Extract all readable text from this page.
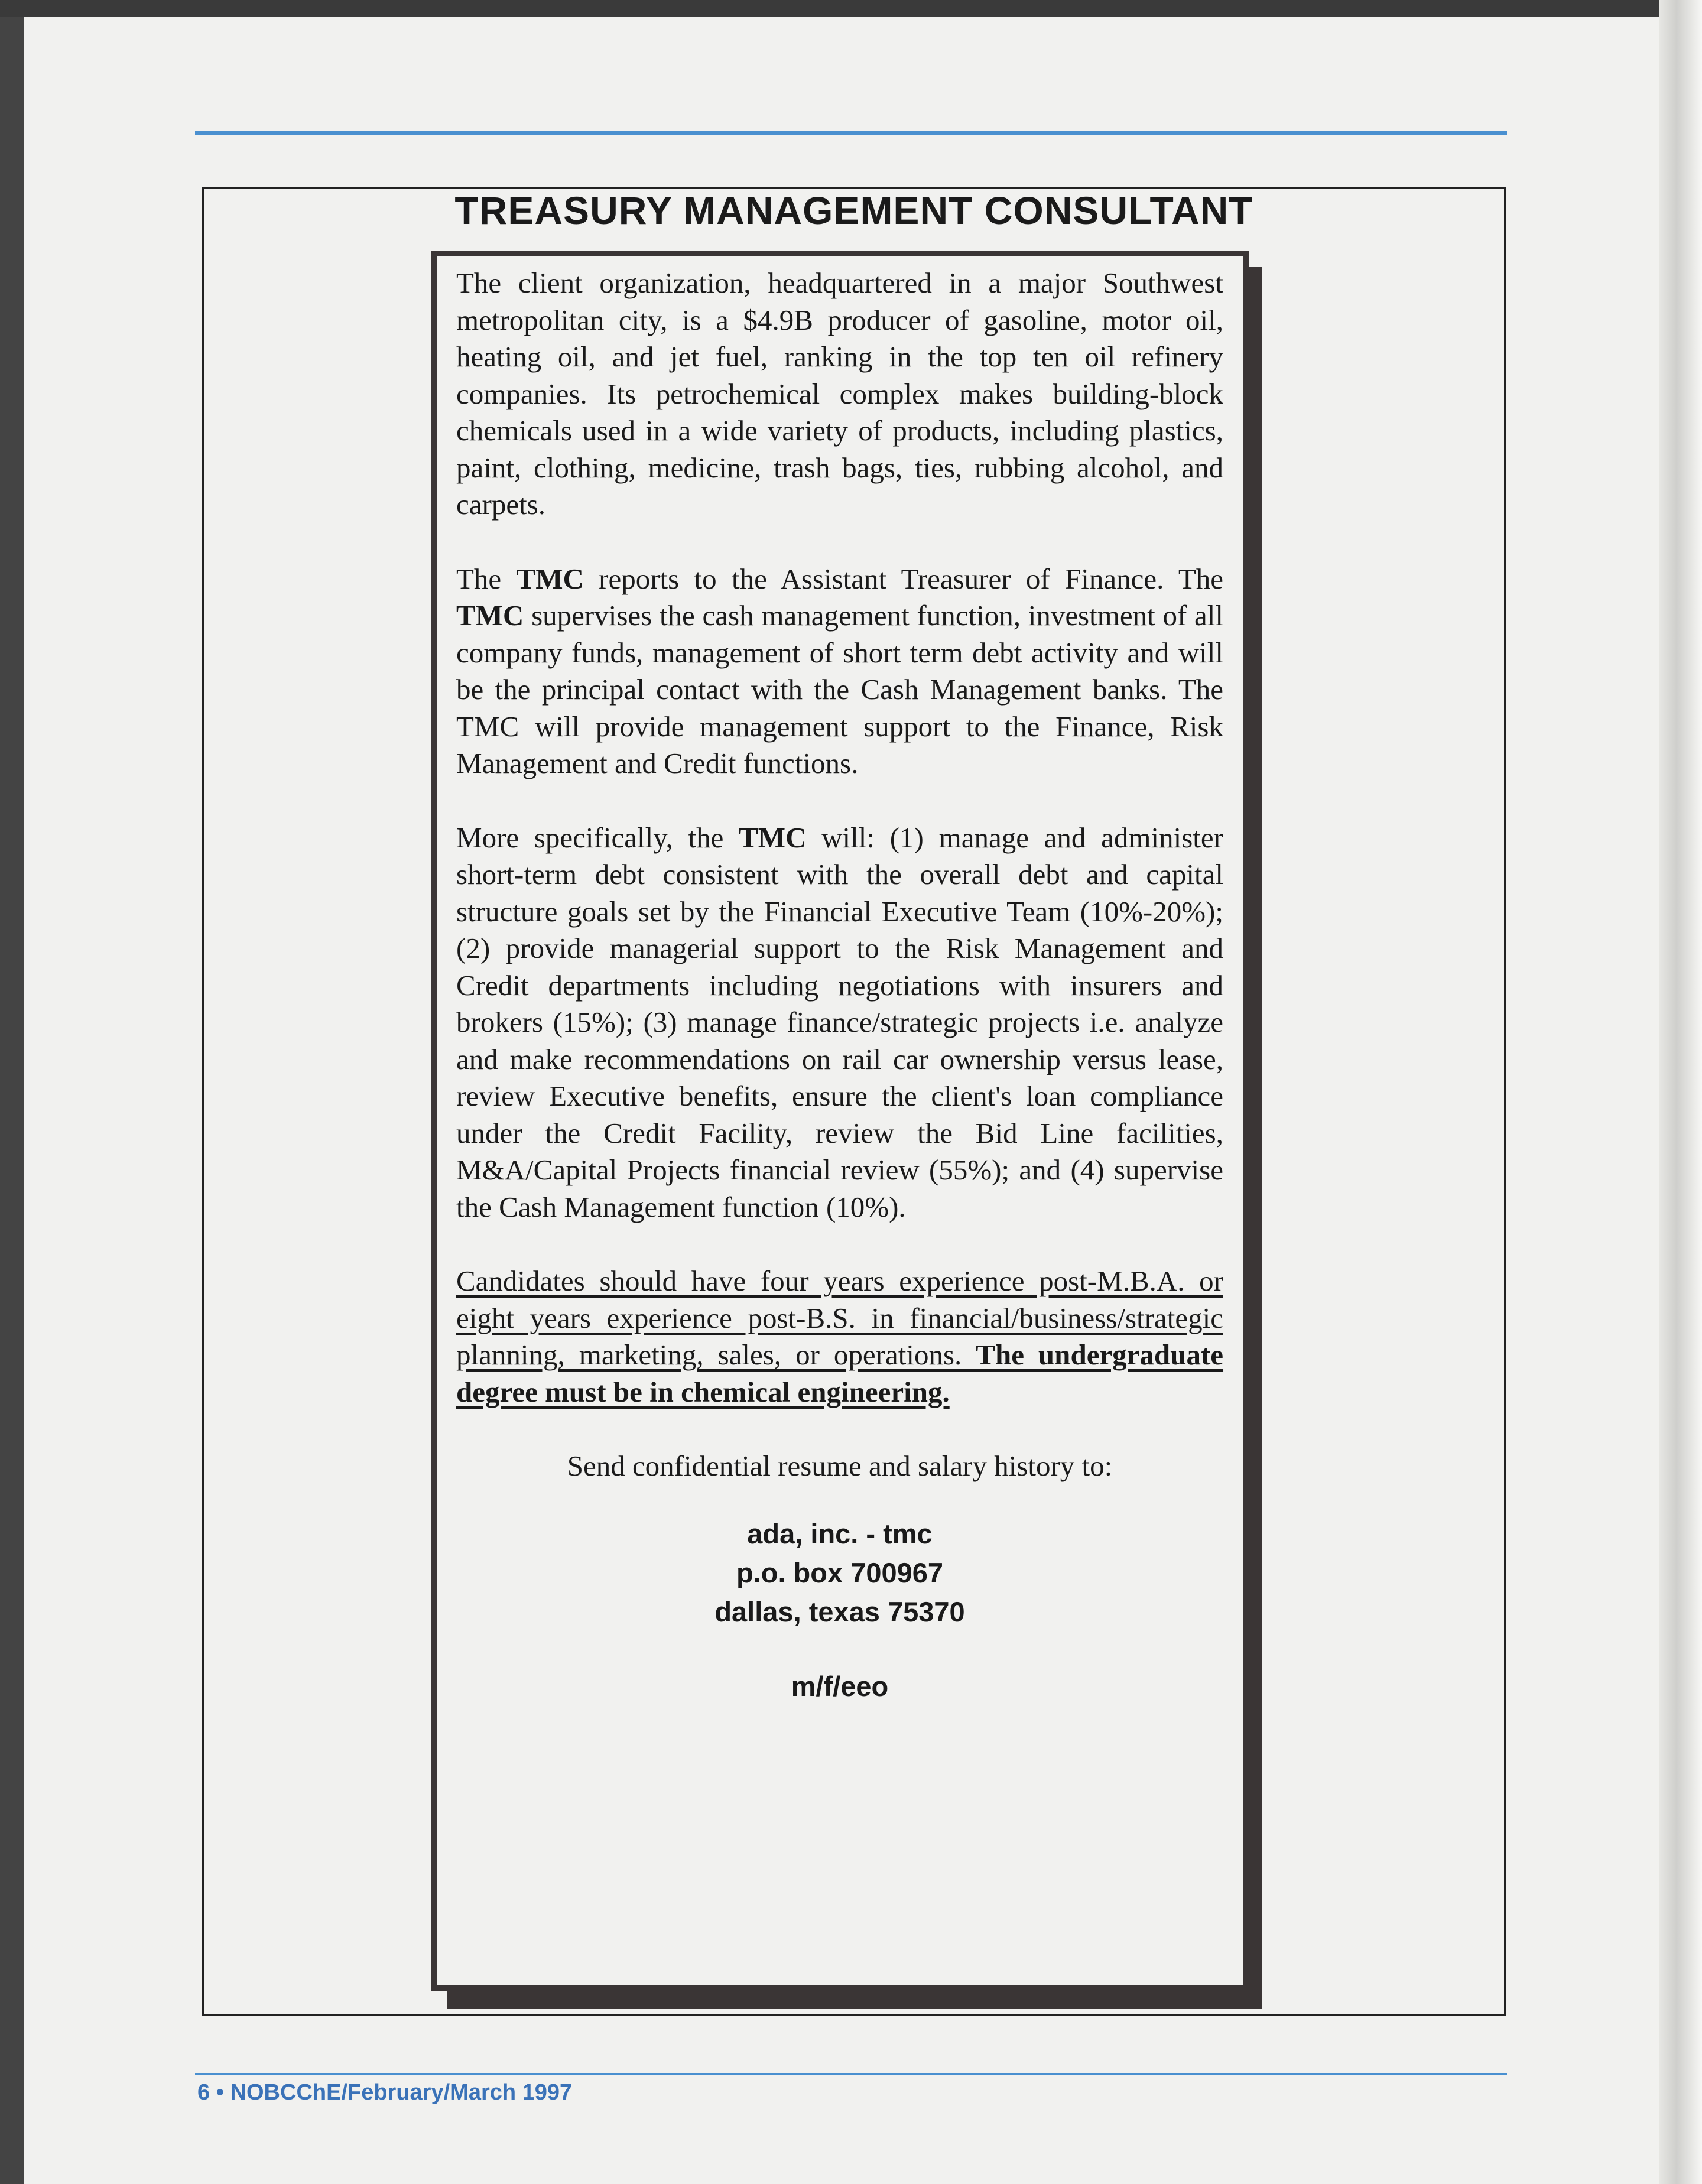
TREASURY MANAGEMENT CONSULTANT

The client organization, headquartered in a major Southwest metropolitan city, is a $4.9B producer of gasoline, motor oil, heating oil, and jet fuel, ranking in the top ten oil refinery companies. Its petrochemical complex makes building-block chemicals used in a wide variety of products, including plastics, paint, clothing, medicine, trash bags, ties, rubbing alcohol, and carpets.

The TMC reports to the Assistant Treasurer of Finance. The TMC supervises the cash management function, investment of all company funds, management of short term debt activity and will be the principal contact with the Cash Management banks. The TMC will provide management support to the Finance, Risk Management and Credit functions.

More specifically, the TMC will: (1) manage and administer short-term debt consistent with the overall debt and capital structure goals set by the Financial Executive Team (10%-20%); (2) provide managerial support to the Risk Management and Credit departments including negotiations with insurers and brokers (15%); (3) manage finance/strategic projects i.e. analyze and make recommendations on rail car ownership versus lease, review Executive benefits, ensure the client's loan compliance under the Credit Facility, review the Bid Line facilities, M&A/Capital Projects financial review (55%); and (4) supervise the Cash Management function (10%).

Candidates should have four years experience post-M.B.A. or eight years experience post-B.S. in financial/business/strategic planning, marketing, sales, or operations. The undergraduate degree must be in chemical engineering.

Send confidential resume and salary history to:
ada, inc. - tmc
p.o. box 700967
dallas, texas 75370
m/f/eeo
6 • NOBCChE/February/March 1997
